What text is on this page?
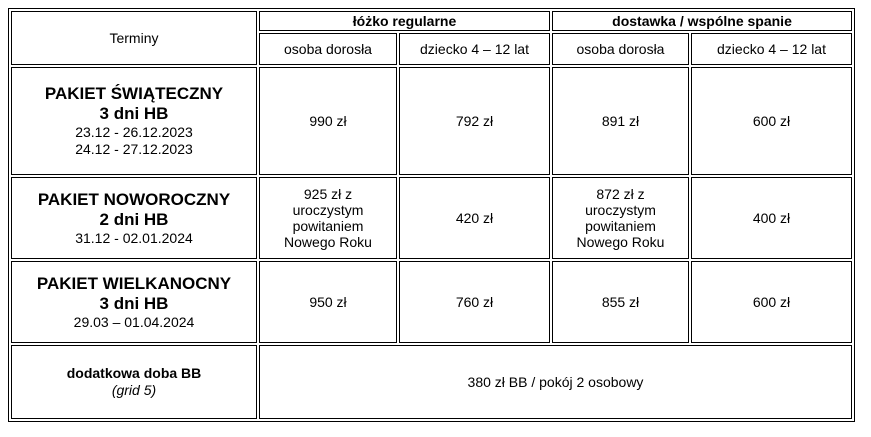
Terminy	łóżko regularne		dostawka / wspólne spanie	
	osoba dorosła	dziecko 4 – 12 lat	osoba dorosła	dziecko 4 – 12 lat

PAKIET ŚWIĄTECZNY
3 dni HB
23.12 - 26.12.2023
24.12 - 27.12.2023	990 zł	792 zł	891 zł	600 zł

PAKIET NOWOROCZNY
2 dni HB
31.12 - 02.01.2024	925 zł z
uroczystym
powitaniem
Nowego Roku	420 zł	872 zł z
uroczystym
powitaniem
Nowego Roku	400 zł

PAKIET WIELKANOCNY
3 dni HB
29.03 – 01.04.2024	950 zł	760 zł	855 zł	600 zł

dodatkowa doba BB
(grid 5)	380 zł BB / pokój 2 osobowy			
